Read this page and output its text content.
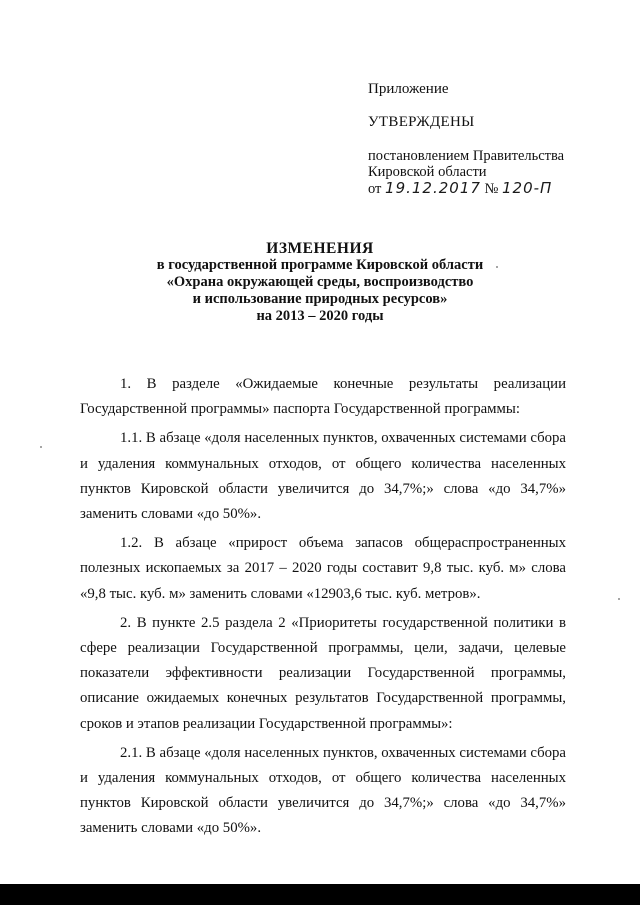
Приложение
УТВЕРЖДЕНЫ
постановлением Правительства
Кировской области
от 19.12.2017 № 120-П
ИЗМЕНЕНИЯ
в государственной программе Кировской области
«Охрана окружающей среды, воспроизводство
и использование природных ресурсов»
на 2013 – 2020 годы

1. В разделе «Ожидаемые конечные результаты реализации Государственной программы» паспорта Государственной программы:

1.1. В абзаце «доля населенных пунктов, охваченных системами сбора и удаления коммунальных отходов, от общего количества населенных пунктов Кировской области увеличится до 34,7%;» слова «до 34,7%» заменить словами «до 50%».

1.2. В абзаце «прирост объема запасов общераспространенных полезных ископаемых за 2017 – 2020 годы составит 9,8 тыс. куб. м» слова «9,8 тыс. куб. м» заменить словами «12903,6 тыс. куб. метров».

2. В пункте 2.5 раздела 2 «Приоритеты государственной политики в сфере реализации Государственной программы, цели, задачи, целевые показатели эффективности реализации Государственной программы, описание ожидаемых конечных результатов Государственной программы, сроков и этапов реализации Государственной программы»:

2.1. В абзаце «доля населенных пунктов, охваченных системами сбора и удаления коммунальных отходов, от общего количества населенных пунктов Кировской области увеличится до 34,7%;» слова «до 34,7%» заменить словами «до 50%».
